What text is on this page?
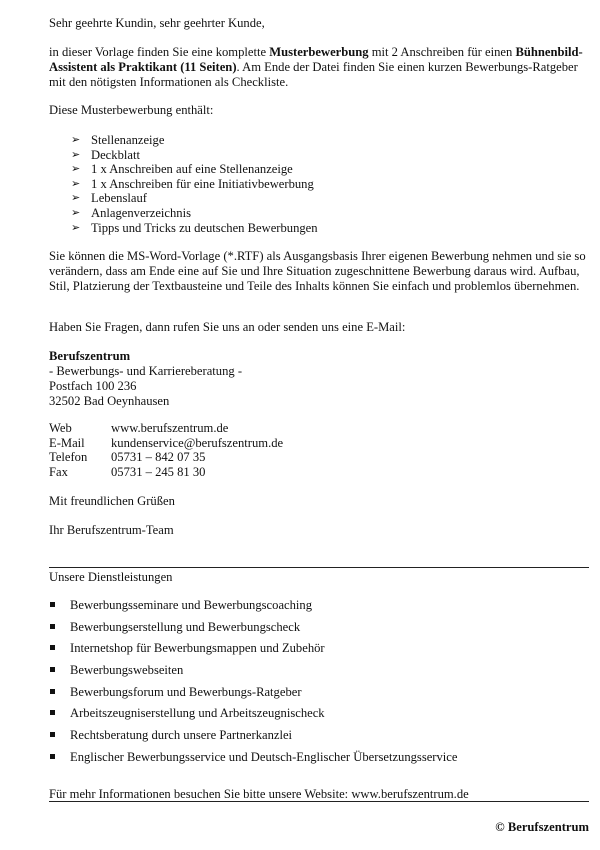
Sehr geehrte Kundin, sehr geehrter Kunde,

in dieser Vorlage finden Sie eine komplette Musterbewerbung mit 2 Anschreiben für einen Bühnenbild-Assistent als Praktikant (11 Seiten). Am Ende der Datei finden Sie einen kurzen Bewerbungs-Ratgeber mit den nötigsten Informationen als Checkliste.

Diese Musterbewerbung enthält:

➢ Stellenanzeige
➢ Deckblatt
➢ 1 x Anschreiben auf eine Stellenanzeige
➢ 1 x Anschreiben für eine Initiativbewerbung
➢ Lebenslauf
➢ Anlagenverzeichnis
➢ Tipps und Tricks zu deutschen Bewerbungen

Sie können die MS-Word-Vorlage (*.RTF) als Ausgangsbasis Ihrer eigenen Bewerbung nehmen und sie so verändern, dass am Ende eine auf Sie und Ihre Situation zugeschnittene Bewerbung daraus wird. Aufbau, Stil, Platzierung der Textbausteine und Teile des Inhalts können Sie einfach und problemlos übernehmen.

Haben Sie Fragen, dann rufen Sie uns an oder senden uns eine E-Mail:

Berufszentrum

- Bewerbungs- und Karriereberatung -

Postfach 100 236

32502 Bad Oeynhausen

Web	www.berufszentrum.de
E-Mail	kundenservice@berufszentrum.de
Telefon	05731 – 842 07 35
Fax	05731 – 245 81 30

Mit freundlichen Grüßen

Ihr Berufszentrum-Team

Unsere Dienstleistungen

Bewerbungsseminare und Bewerbungscoaching
Bewerbungserstellung und Bewerbungscheck
Internetshop für Bewerbungsmappen und Zubehör
Bewerbungswebseiten
Bewerbungsforum und Bewerbungs-Ratgeber
Arbeitszeugniserstellung und Arbeitszeugnischeck
Rechtsberatung durch unsere Partnerkanzlei
Englischer Bewerbungsservice und Deutsch-Englischer Übersetzungsservice

Für mehr Informationen besuchen Sie bitte unsere Website: www.berufszentrum.de

© Berufszentrum
